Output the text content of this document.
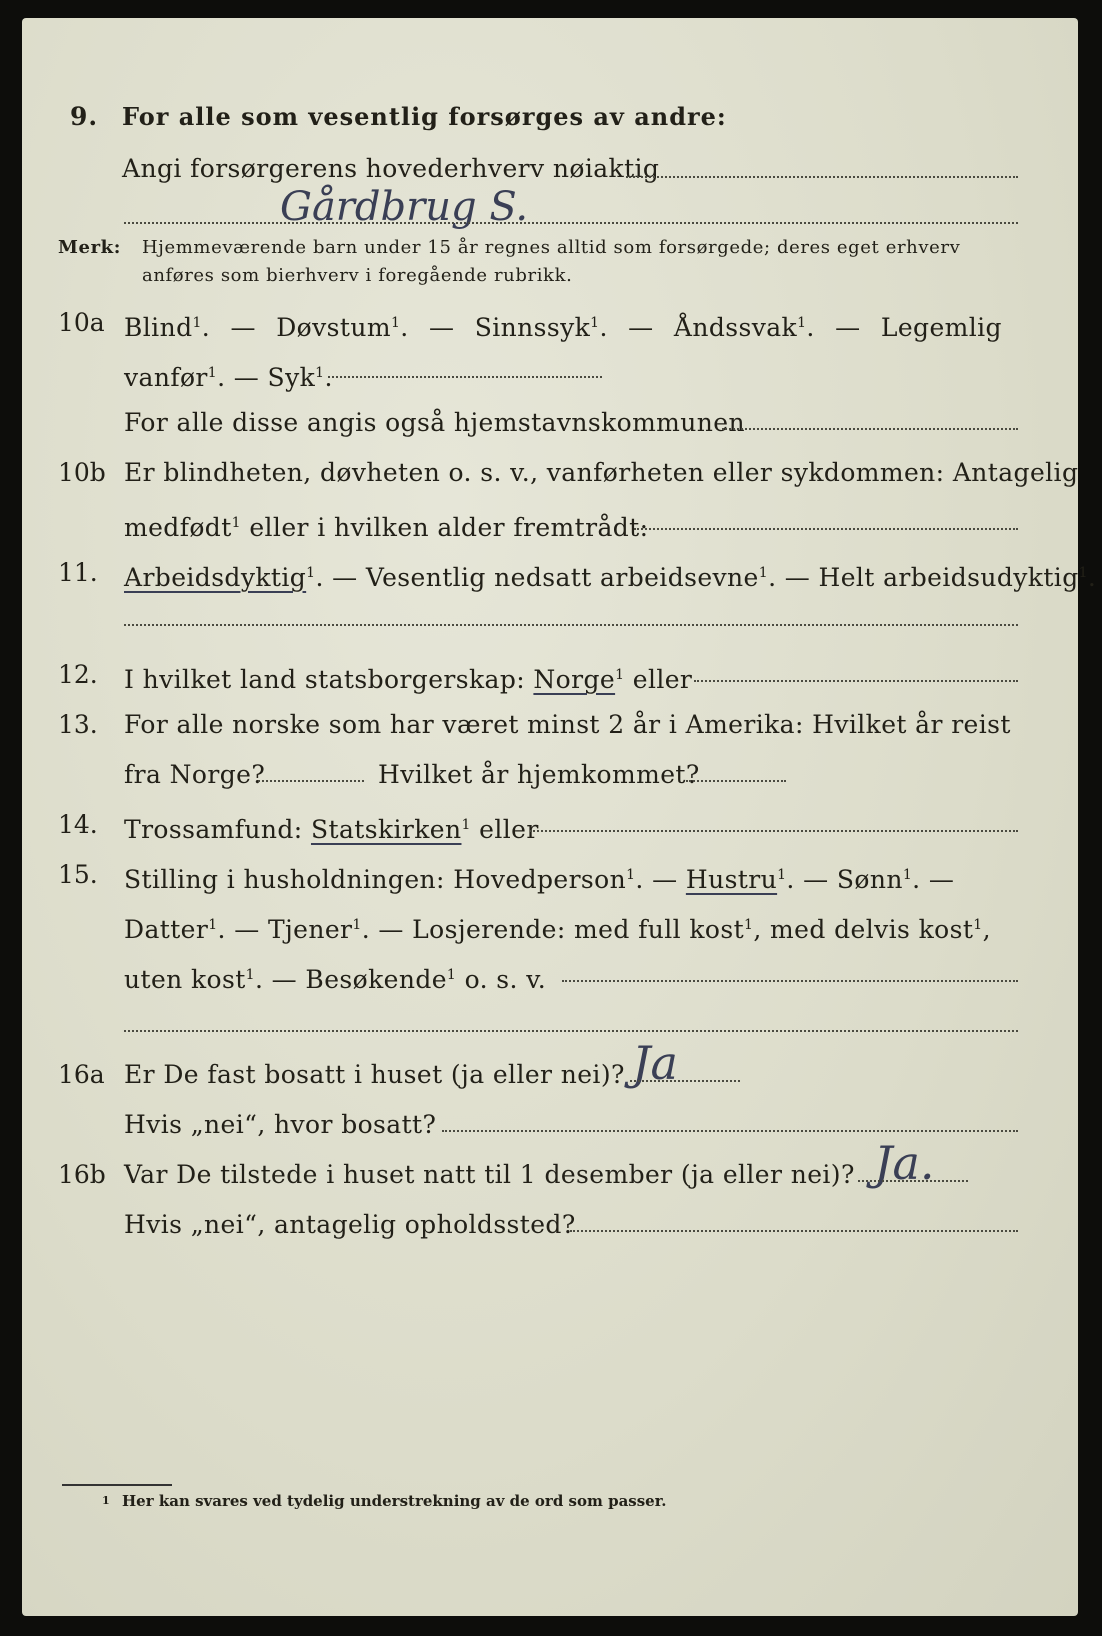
9. For alle som vesentlig forsørges av andre:
Angi forsørgerens hovederhverv nøiaktig
Gårdbrug S.
Merk: Hjemmeværende barn under 15 år regnes alltid som forsørgede; deres eget erhverv
anføres som bierhverv i foregående rubrikk.
10a Blind$^1$. — Døvstum$^1$. — Sinnssyk$^1$. — Åndssvak$^1$. — Legemlig
vanfør$^1$. — Syk$^1$.
For alle disse angis også hjemstavnskommunen
10b Er blindheten, døvheten o. s. v., vanførheten eller sykdommen: Antagelig
medfødt$^1$ eller i hvilken alder fremtrådt:
11. Arbeidsdyktig$^1$. — Vesentlig nedsatt arbeidsevne$^1$. — Helt arbeidsudyktig$^1$.
12. I hvilket land statsborgerskap: Norge$^1$ eller
13. For alle norske som har været minst 2 år i Amerika: Hvilket år reist
fra Norge?	Hvilket år hjemkommet?
14. Trossamfund: Statskirken$^1$ eller
15. Stilling i husholdningen: Hovedperson$^1$. — Hustru$^1$. — Sønn$^1$. —
Datter$^1$. — Tjener$^1$. — Losjerende: med full kost$^1$, med delvis kost$^1$,
uten kost$^1$. — Besøkende$^1$ o. s. v.
16a Er De fast bosatt i huset (ja eller nei)? Ja
Hvis „nei“, hvor bosatt?
16b Var De tilstede i huset natt til 1 desember (ja eller nei)? Ja.
Hvis „nei“, antagelig opholdssted?
1 Her kan svares ved tydelig understrekning av de ord som passer.
